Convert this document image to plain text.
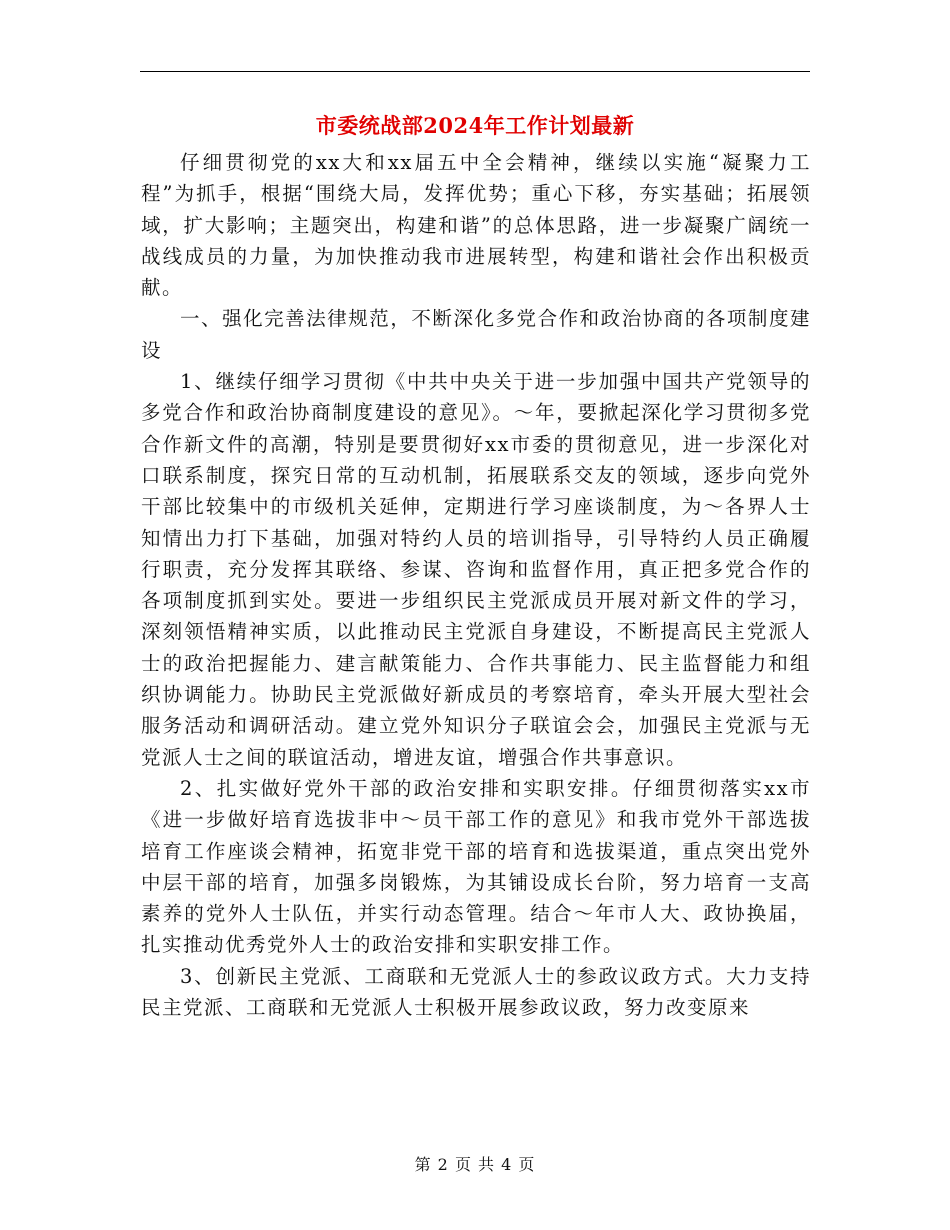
市委统战部2024年工作计划最新

仔细贯彻党的xx大和xx届五中全会精神，继续以实施“凝聚力工程”为抓手，根据“围绕大局，发挥优势；重心下移，夯实基础；拓展领域，扩大影响；主题突出，构建和谐”的总体思路，进一步凝聚广阔统一战线成员的力量，为加快推动我市进展转型，构建和谐社会作出积极贡献。

一、强化完善法律规范，不断深化多党合作和政治协商的各项制度建设

1、继续仔细学习贯彻《中共中央关于进一步加强中国共产党领导的多党合作和政治协商制度建设的意见》。～年，要掀起深化学习贯彻多党合作新文件的高潮，特别是要贯彻好xx市委的贯彻意见，进一步深化对口联系制度，探究日常的互动机制，拓展联系交友的领域，逐步向党外干部比较集中的市级机关延伸，定期进行学习座谈制度，为～各界人士知情出力打下基础，加强对特约人员的培训指导，引导特约人员正确履行职责，充分发挥其联络、参谋、咨询和监督作用，真正把多党合作的各项制度抓到实处。要进一步组织民主党派成员开展对新文件的学习，深刻领悟精神实质，以此推动民主党派自身建设，不断提高民主党派人士的政治把握能力、建言献策能力、合作共事能力、民主监督能力和组织协调能力。协助民主党派做好新成员的考察培育，牵头开展大型社会服务活动和调研活动。建立党外知识分子联谊会会，加强民主党派与无党派人士之间的联谊活动，增进友谊，增强合作共事意识。

2、扎实做好党外干部的政治安排和实职安排。仔细贯彻落实xx市《进一步做好培育选拔非中～员干部工作的意见》和我市党外干部选拔培育工作座谈会精神，拓宽非党干部的培育和选拔渠道，重点突出党外中层干部的培育，加强多岗锻炼，为其铺设成长台阶，努力培育一支高素养的党外人士队伍，并实行动态管理。结合～年市人大、政协换届，扎实推动优秀党外人士的政治安排和实职安排工作。

3、创新民主党派、工商联和无党派人士的参政议政方式。大力支持民主党派、工商联和无党派人士积极开展参政议政，努力改变原来

第 2 页 共 4 页
